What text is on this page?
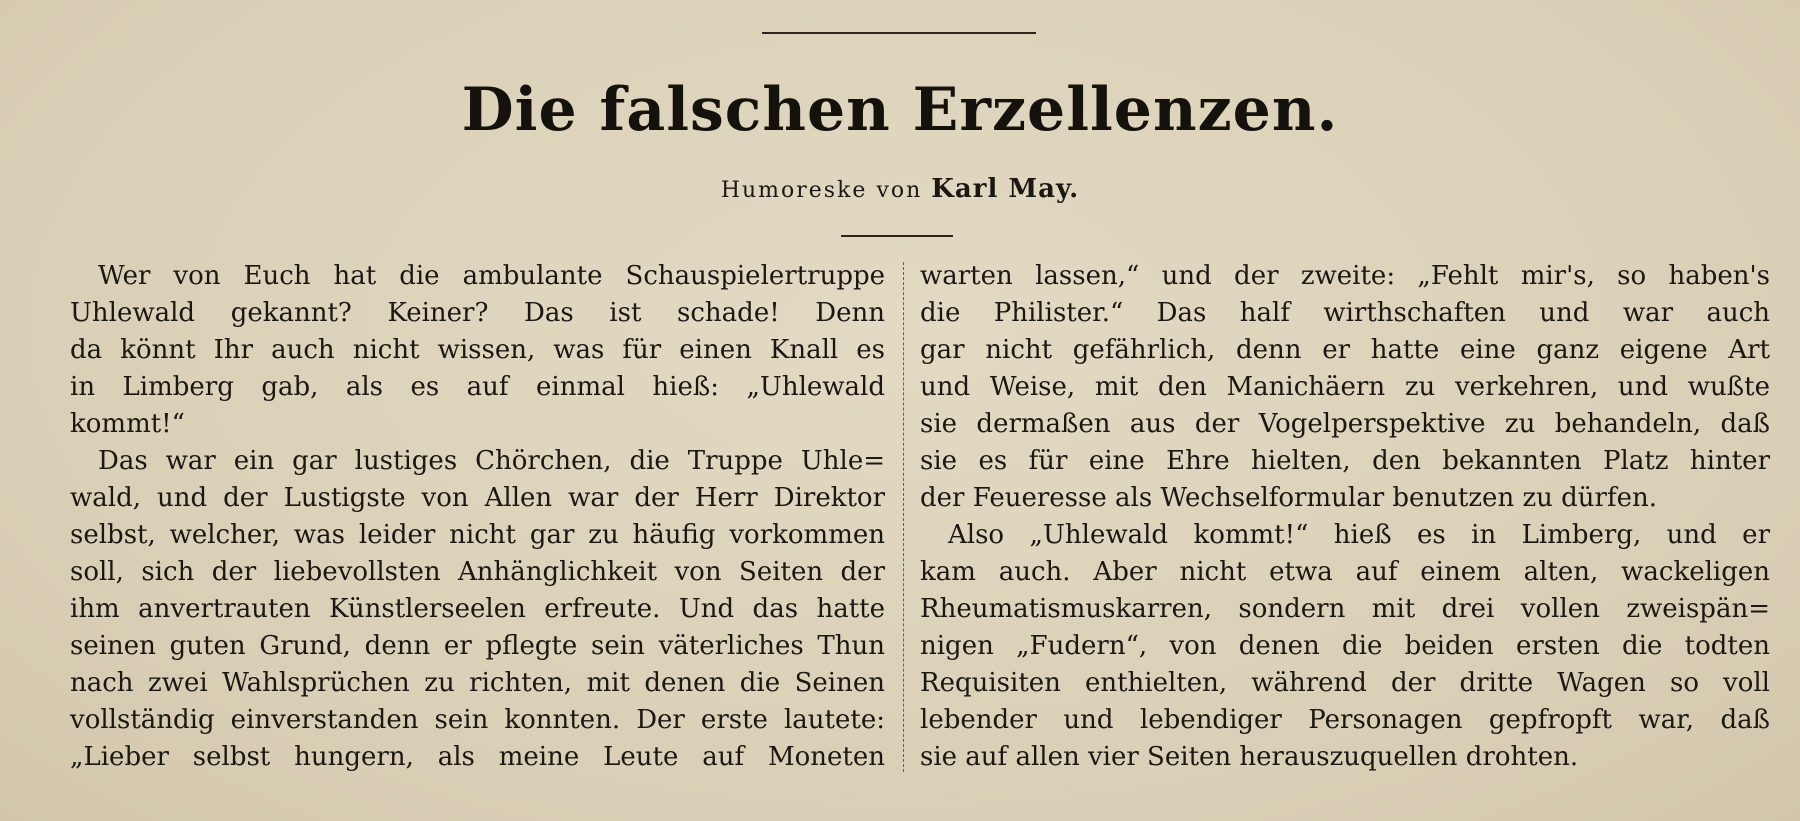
Die falschen Erzellenzen.
Humoreske von Karl May.
Wer von Euch hat die ambulante Schauspielertruppe
Uhlewald gekannt? Keiner? Das ist schade! Denn
da könnt Ihr auch nicht wissen, was für einen Knall es
in Limberg gab, als es auf einmal hieß: „Uhlewald
kommt!“
Das war ein gar lustiges Chörchen, die Truppe Uhle=
wald, und der Lustigste von Allen war der Herr Direktor
selbst, welcher, was leider nicht gar zu häufig vorkommen
soll, sich der liebevollsten Anhänglichkeit von Seiten der
ihm anvertrauten Künstlerseelen erfreute. Und das hatte
seinen guten Grund, denn er pflegte sein väterliches Thun
nach zwei Wahlsprüchen zu richten, mit denen die Seinen
vollständig einverstanden sein konnten. Der erste lautete:
„Lieber selbst hungern, als meine Leute auf Moneten
warten lassen,“ und der zweite: „Fehlt mir's, so haben's
die Philister.“ Das half wirthschaften und war auch
gar nicht gefährlich, denn er hatte eine ganz eigene Art
und Weise, mit den Manichäern zu verkehren, und wußte
sie dermaßen aus der Vogelperspektive zu behandeln, daß
sie es für eine Ehre hielten, den bekannten Platz hinter
der Feueresse als Wechselformular benutzen zu dürfen.
Also „Uhlewald kommt!“ hieß es in Limberg, und er
kam auch. Aber nicht etwa auf einem alten, wackeligen
Rheumatismuskarren, sondern mit drei vollen zweispän=
nigen „Fudern“, von denen die beiden ersten die todten
Requisiten enthielten, während der dritte Wagen so voll
lebender und lebendiger Personagen gepfropft war, daß
sie auf allen vier Seiten herauszuquellen drohten.
